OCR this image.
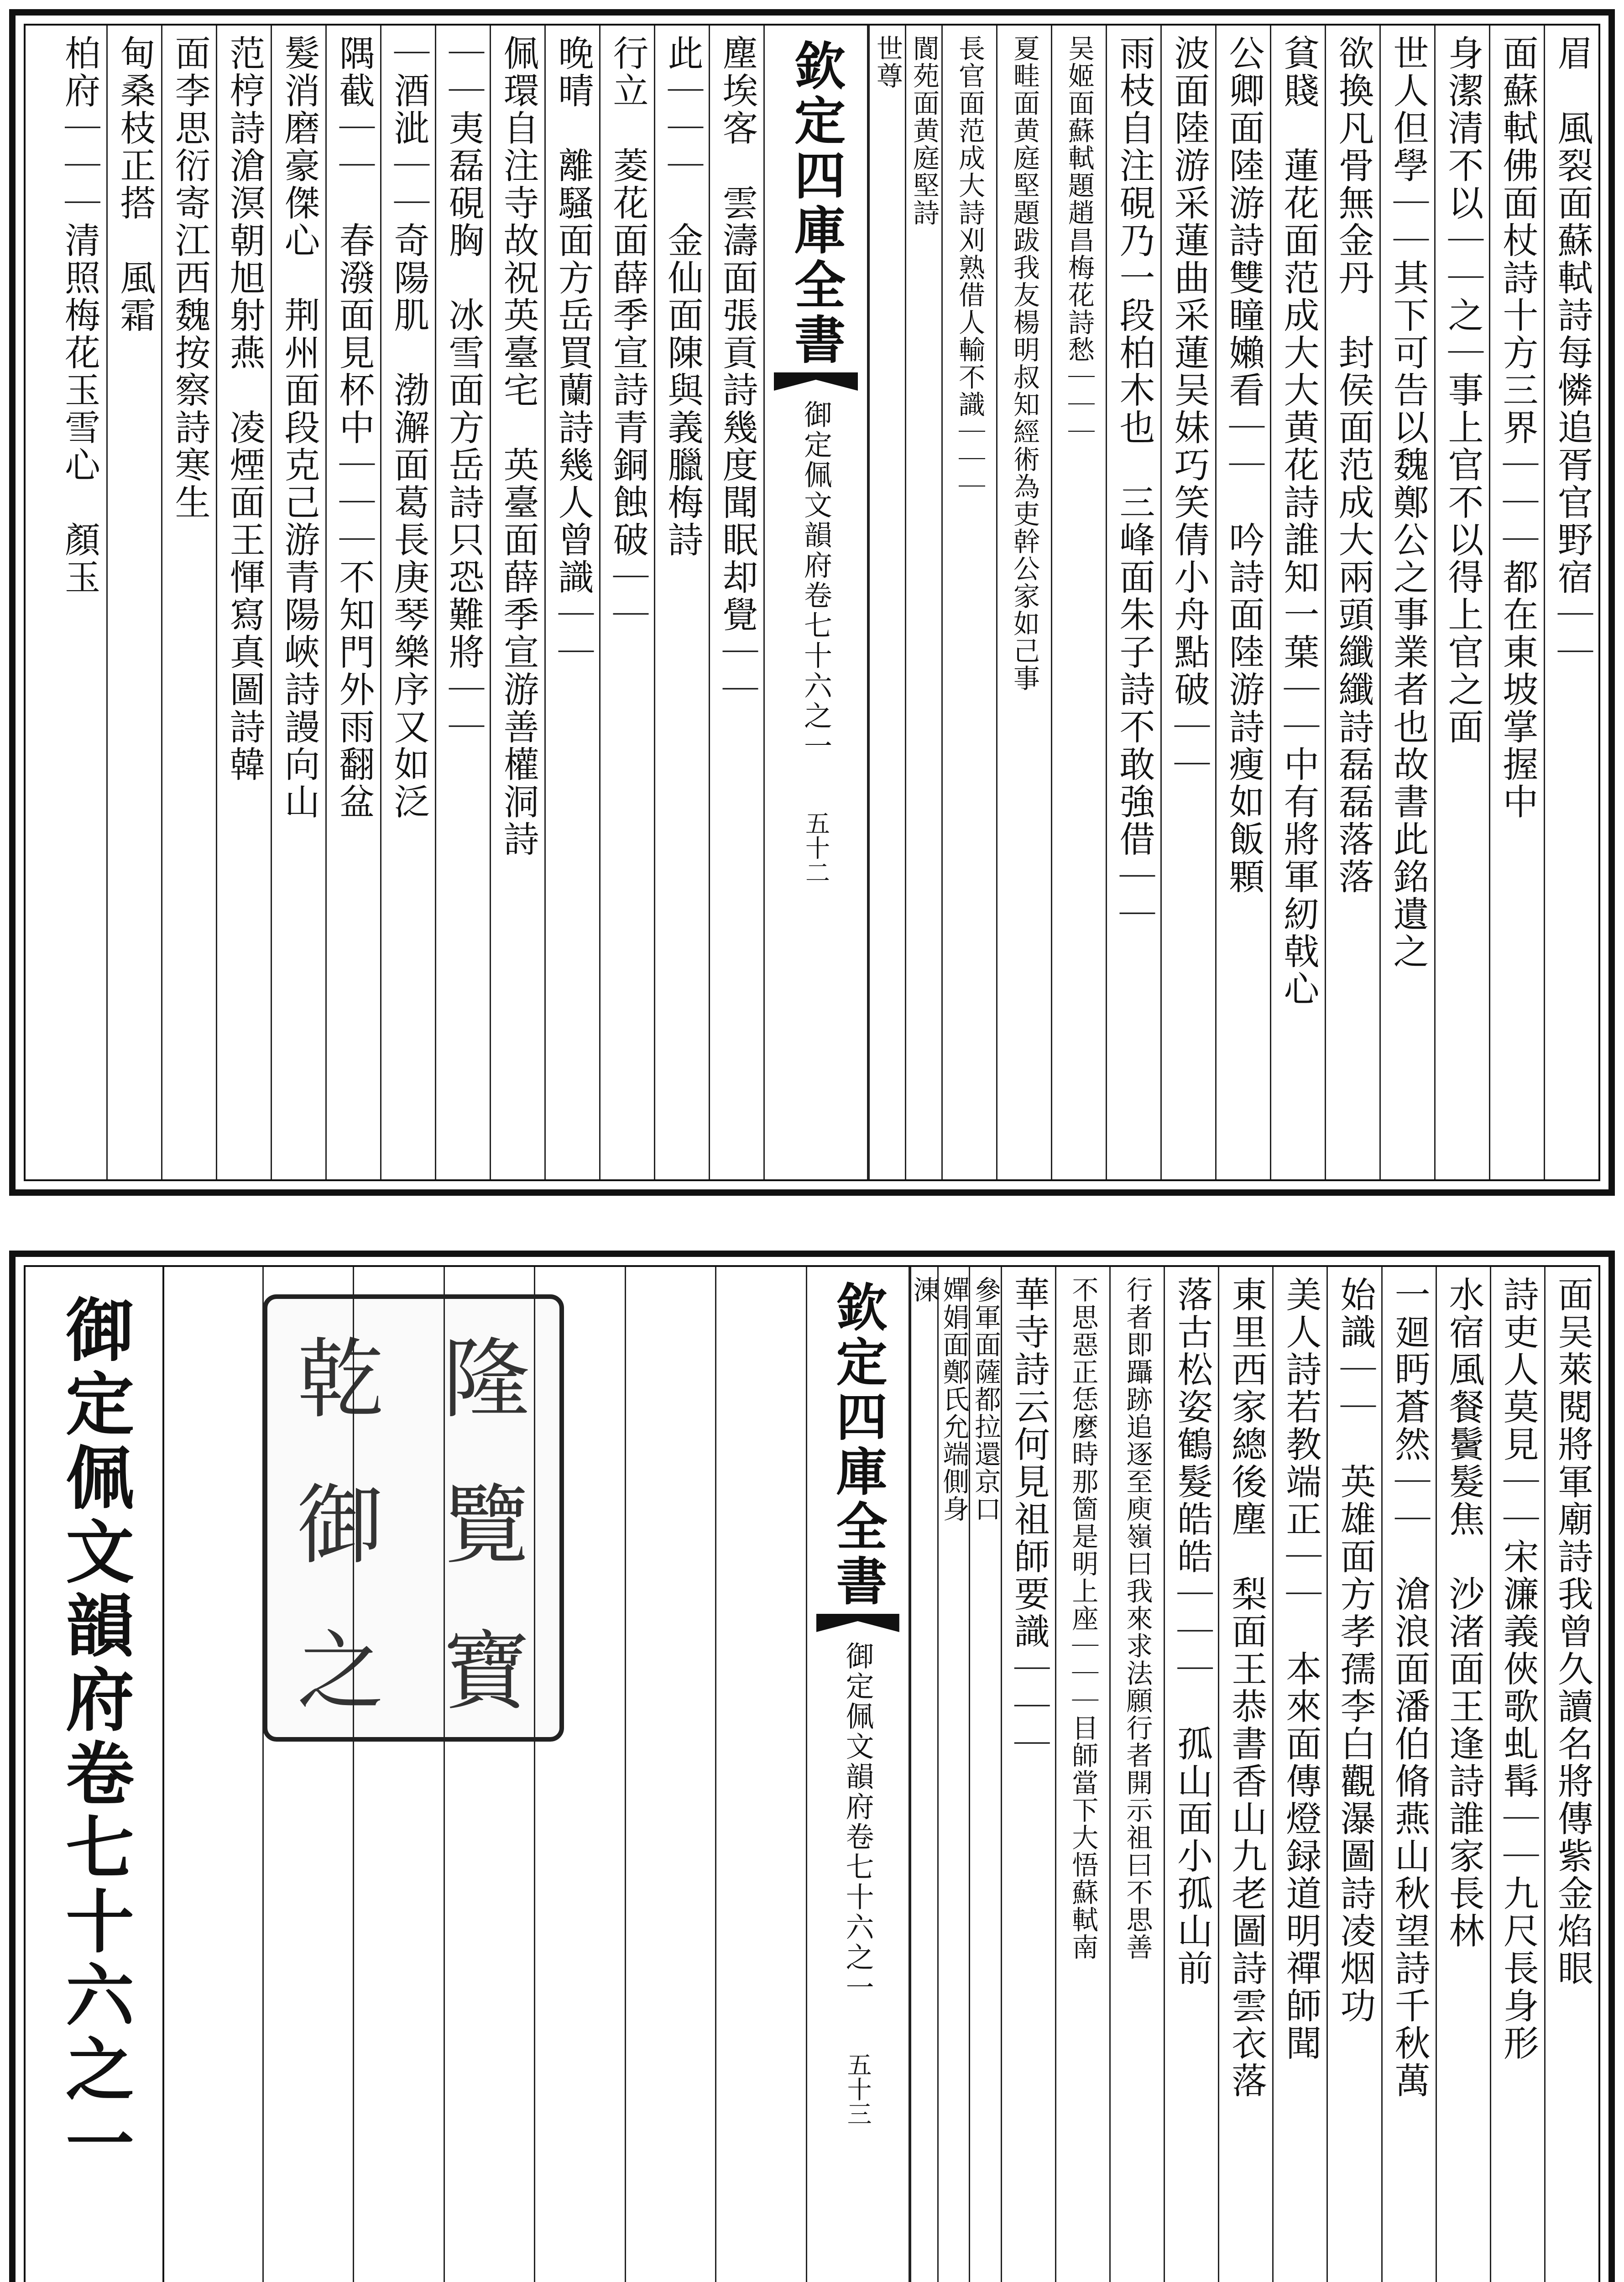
眉　風裂面蘇軾詩每憐追胥官野宿｜｜
面蘇軾佛面杖詩十方三界｜｜｜都在東坡掌握中
身潔清不以｜｜之｜事上官不以得上官之面
世人但學｜｜其下可告以魏鄭公之事業者也故書此銘遺之
欲換凡骨無金丹　封侯面范成大兩頭纖纖詩磊磊落落
貧賤　蓮花面范成大大黄花詩誰知一葉｜｜中有將軍紉戟心
公卿面陸游詩雙瞳嬾看｜｜　吟詩面陸游詩瘦如飯顆
波面陸游采蓮曲采蓮吴妹巧笑倩小舟點破｜｜
雨枝自注硯乃一段柏木也　三峰面朱子詩不敢強借｜｜
吴姬面蘇軾題趙昌梅花詩愁｜｜｜
夏畦面黄庭堅題跋我友楊明叔知經術為吏幹公家如己事
長官面范成大詩刈熟借人輸不識｜｜｜
閬苑面黄庭堅詩
世尊
欽定四庫全書
御定佩文韻府卷七十六之一
五十二
塵埃客　雲濤面張貢詩幾度聞眠却覺｜｜
此｜｜｜　金仙面陳與義臘梅詩
行立　菱花面薛季宣詩青銅蝕破｜｜
晚晴　離騷面方岳買蘭詩幾人曾識｜｜
佩環自注寺故祝英臺宅　英臺面薛季宣游善權洞詩
｜｜夷磊硯胸　冰雪面方岳詩只恐難將｜｜
｜酒泚｜｜奇陽肌　渤澥面葛長庚琴樂序又如泛
隅截｜｜　春潑面見杯中｜｜｜不知門外雨翻盆
髮消磨豪傑心　荆州面段克己游青陽峽詩謾向山
范梈詩滄溟朝旭射燕　凌煙面王惲寫真圖詩韓
面李思衍寄江西魏按察詩寒生
甸桑枝正搭　風霜
柏府｜｜｜清照梅花玉雪心　顏玉
御定佩文韻府卷七十六之一	乾 隆
御 覽
之 寶	面吴萊閱將軍廟詩我曾久讀名將傳紫金焰眼
詩吏人莫見｜｜宋濂義俠歌虬髯｜｜九尺長身形
水宿風餐鬢髮焦　沙渚面王逢詩誰家長林
一廻眄蒼然｜｜　滄浪面潘伯脩燕山秋望詩千秋萬
始識｜｜　英雄面方孝孺李白觀瀑圖詩凌烟功
美人詩若教端正｜｜　本來面傳燈録道明禪師聞
東里西家總後塵　梨面王恭書香山九老圖詩雲衣落
落古松姿鶴髮皓皓｜｜｜　孤山面小孤山前
行者即躡跡追逐至庾嶺曰我來求法願行者開示祖曰不思善
不思惡正恁麼時那箇是明上座｜｜｜目師當下大悟蘇軾南
華寺詩云何見祖師要識｜｜｜
參軍面薩都拉還京口
嬋娟面鄭氏允端側身
涷
欽定四庫全書
御定佩文韻府卷七十六之一
五十三
